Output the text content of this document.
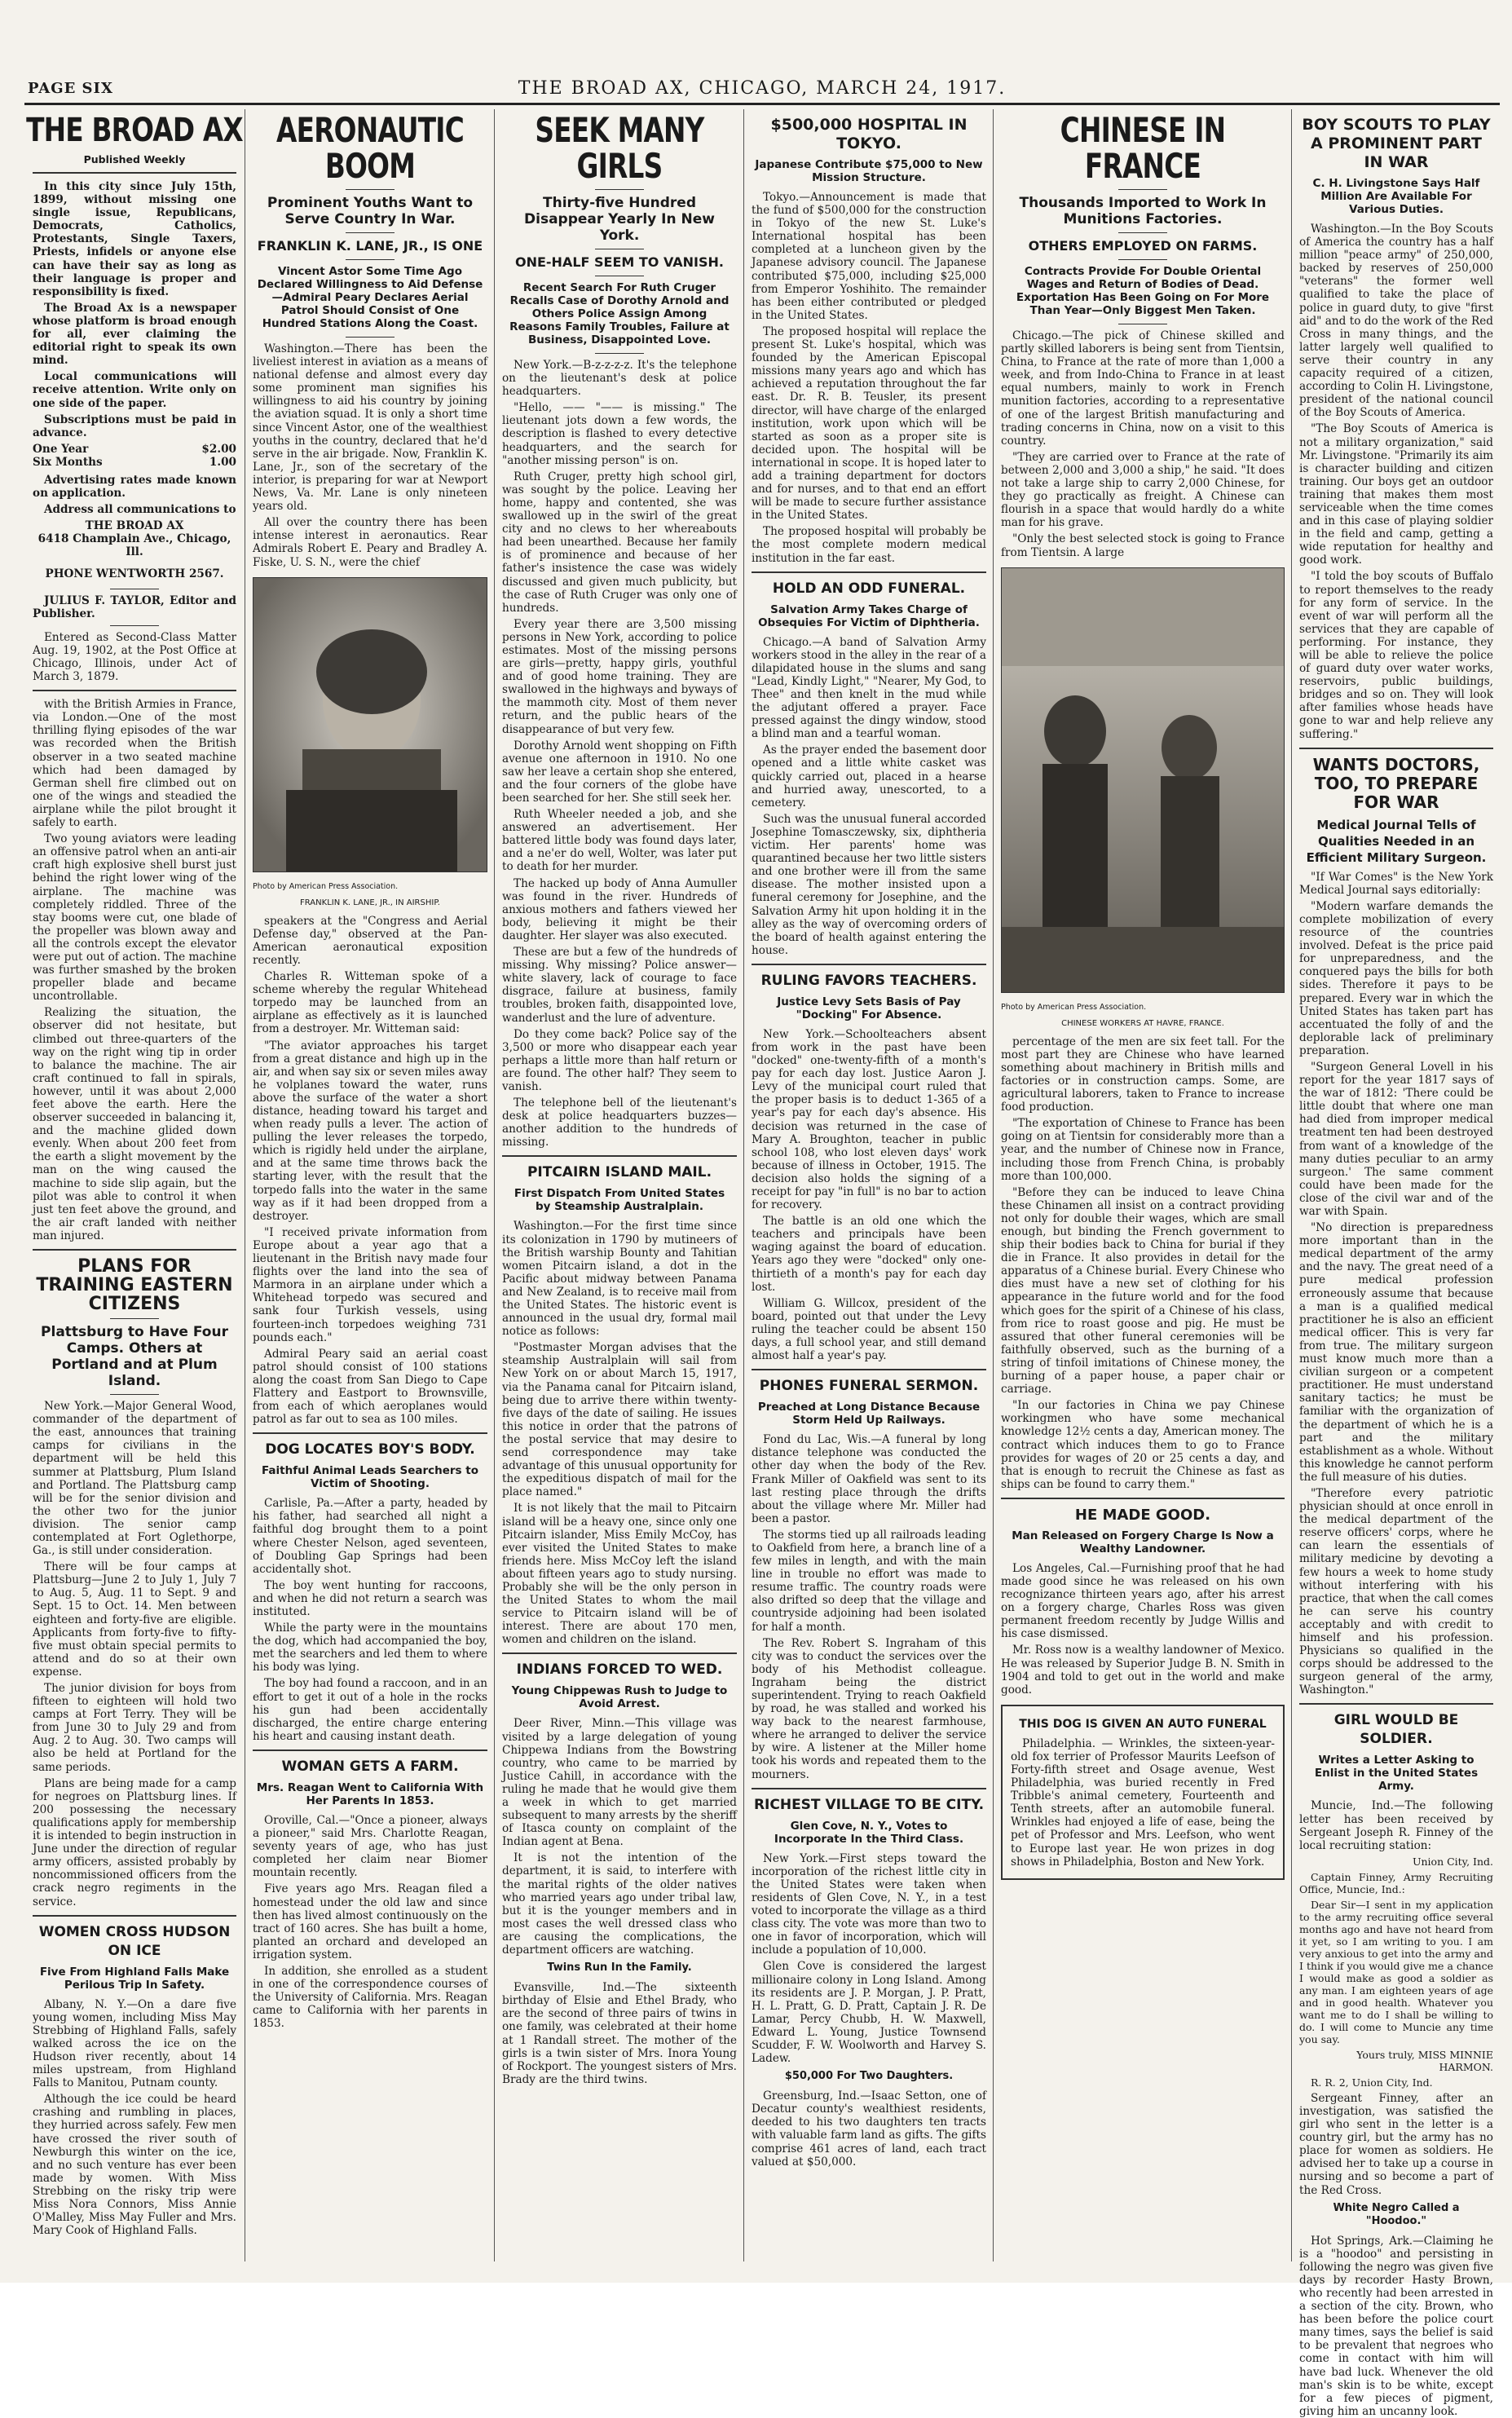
PAGE SIX	THE BROAD AX, CHICAGO, MARCH 24, 1917.
THE BROAD AX
Published Weekly

In this city since July 15th, 1899, without missing one single issue, Republicans, Democrats, Catholics, Protestants, Single Taxers, Priests, infidels or anyone else can have their say as long as their language is proper and responsibility is fixed.

The Broad Ax is a newspaper whose platform is broad enough for all, ever claiming the editorial right to speak its own mind.

Local communications will receive attention. Write only on one side of the paper.

Subscriptions must be paid in advance.

One Year	$2.00
Six Months	1.00

Advertising rates made known on application.

Address all communications to

THE BROAD AX
6418 Champlain Ave., Chicago, Ill.
PHONE WENTWORTH 2567.

JULIUS F. TAYLOR, Editor and Publisher.

Entered as Second-Class Matter Aug. 19, 1902, at the Post Office at Chicago, Illinois, under Act of March 3, 1879.

with the British Armies in France, via London.—One of the most thrilling flying episodes of the war was recorded when the British observer in a two seated machine which had been damaged by German shell fire climbed out on one of the wings and steadied the airplane while the pilot brought it safely to earth.

Two young aviators were leading an offensive patrol when an anti-air craft high explosive shell burst just behind the right lower wing of the airplane. The machine was completely riddled. Three of the stay booms were cut, one blade of the propeller was blown away and all the controls except the elevator were put out of action. The machine was further smashed by the broken propeller blade and became uncontrollable.

Realizing the situation, the observer did not hesitate, but climbed out three-quarters of the way on the right wing tip in order to balance the machine. The air craft continued to fall in spirals, however, until it was about 2,000 feet above the earth. Here the observer succeeded in balancing it, and the machine glided down evenly. When about 200 feet from the earth a slight movement by the man on the wing caused the machine to side slip again, but the pilot was able to control it when just ten feet above the ground, and the air craft landed with neither man injured.

PLANS FOR TRAINING EASTERN CITIZENS
Plattsburg to Have Four Camps. Others at Portland and at Plum Island.

New York.—Major General Wood, commander of the department of the east, announces that training camps for civilians in the department will be held this summer at Plattsburg, Plum Island and Portland. The Plattsburg camp will be for the senior division and the other two for the junior division. The senior camp contemplated at Fort Oglethorpe, Ga., is still under consideration.

There will be four camps at Plattsburg—June 2 to July 1, July 7 to Aug. 5, Aug. 11 to Sept. 9 and Sept. 15 to Oct. 14. Men between eighteen and forty-five are eligible. Applicants from forty-five to fifty-five must obtain special permits to attend and do so at their own expense.

The junior division for boys from fifteen to eighteen will hold two camps at Fort Terry. They will be from June 30 to July 29 and from Aug. 2 to Aug. 30. Two camps will also be held at Portland for the same periods.

Plans are being made for a camp for negroes on Plattsburg lines. If 200 possessing the necessary qualifications apply for membership it is intended to begin instruction in June under the direction of regular army officers, assisted probably by noncommissioned officers from the crack negro regiments in the service.

WOMEN CROSS HUDSON ON ICE
Five From Highland Falls Make Perilous Trip In Safety.

Albany, N. Y.—On a dare five young women, including Miss May Strebbing of Highland Falls, safely walked across the ice on the Hudson river recently, about 14 miles upstream, from Highland Falls to Manitou, Putnam county.

Although the ice could be heard crashing and rumbling in places, they hurried across safely. Few men have crossed the river south of Newburgh this winter on the ice, and no such venture has ever been made by women. With Miss Strebbing on the risky trip were Miss Nora Connors, Miss Annie O'Malley, Miss May Fuller and Mrs. Mary Cook of Highland Falls.

AERONAUTIC BOOM
Prominent Youths Want to Serve Country In War.
FRANKLIN K. LANE, JR., IS ONE
Vincent Astor Some Time Ago Declared Willingness to Aid Defense—Admiral Peary Declares Aerial Patrol Should Consist of One Hundred Stations Along the Coast.

Washington.—There has been the liveliest interest in aviation as a means of national defense and almost every day some prominent man signifies his willingness to aid his country by joining the aviation squad. It is only a short time since Vincent Astor, one of the wealthiest youths in the country, declared that he'd serve in the air brigade. Now, Franklin K. Lane, Jr., son of the secretary of the interior, is preparing for war at Newport News, Va. Mr. Lane is only nineteen years old.

All over the country there has been intense interest in aeronautics. Rear Admirals Robert E. Peary and Bradley A. Fiske, U. S. N., were the chief

Photo by American Press Association.
FRANKLIN K. LANE, JR., IN AIRSHIP.

speakers at the "Congress and Aerial Defense day," observed at the Pan-American aeronautical exposition recently.

Charles R. Witteman spoke of a scheme whereby the regular Whitehead torpedo may be launched from an airplane as effectively as it is launched from a destroyer. Mr. Witteman said:

"The aviator approaches his target from a great distance and high up in the air, and when say six or seven miles away he volplanes toward the water, runs above the surface of the water a short distance, heading toward his target and when ready pulls a lever. The action of pulling the lever releases the torpedo, which is rigidly held under the airplane, and at the same time throws back the starting lever, with the result that the torpedo falls into the water in the same way as if it had been dropped from a destroyer.

"I received private information from Europe about a year ago that a lieutenant in the British navy made four flights over the land into the sea of Marmora in an airplane under which a Whitehead torpedo was secured and sank four Turkish vessels, using fourteen-inch torpedoes weighing 731 pounds each."

Admiral Peary said an aerial coast patrol should consist of 100 stations along the coast from San Diego to Cape Flattery and Eastport to Brownsville, from each of which aeroplanes would patrol as far out to sea as 100 miles.

DOG LOCATES BOY'S BODY.
Faithful Animal Leads Searchers to Victim of Shooting.

Carlisle, Pa.—After a party, headed by his father, had searched all night a faithful dog brought them to a point where Chester Nelson, aged seventeen, of Doubling Gap Springs had been accidentally shot.

The boy went hunting for raccoons, and when he did not return a search was instituted.

While the party were in the mountains the dog, which had accompanied the boy, met the searchers and led them to where his body was lying.

The boy had found a raccoon, and in an effort to get it out of a hole in the rocks his gun had been accidentally discharged, the entire charge entering his heart and causing instant death.

WOMAN GETS A FARM.
Mrs. Reagan Went to California With Her Parents In 1853.

Oroville, Cal.—"Once a pioneer, always a pioneer," said Mrs. Charlotte Reagan, seventy years of age, who has just completed her claim near Biomer mountain recently.

Five years ago Mrs. Reagan filed a homestead under the old law and since then has lived almost continuously on the tract of 160 acres. She has built a home, planted an orchard and developed an irrigation system.

In addition, she enrolled as a student in one of the correspondence courses of the University of California. Mrs. Reagan came to California with her parents in 1853.

SEEK MANY GIRLS
Thirty-five Hundred Disappear Yearly In New York.
ONE-HALF SEEM TO VANISH.
Recent Search For Ruth Cruger Recalls Case of Dorothy Arnold and Others Police Assign Among Reasons Family Troubles, Failure at Business, Disappointed Love.

New York.—B-z-z-z-z. It's the telephone on the lieutenant's desk at police headquarters.

"Hello, —— "—— is missing." The lieutenant jots down a few words, the description is flashed to every detective headquarters, and the search for "another missing person" is on.

Ruth Cruger, pretty high school girl, was sought by the police. Leaving her home, happy and contented, she was swallowed up in the swirl of the great city and no clews to her whereabouts had been unearthed. Because her family is of prominence and because of her father's insistence the case was widely discussed and given much publicity, but the case of Ruth Cruger was only one of hundreds.

Every year there are 3,500 missing persons in New York, according to police estimates. Most of the missing persons are girls—pretty, happy girls, youthful and of good home training. They are swallowed in the highways and byways of the mammoth city. Most of them never return, and the public hears of the disappearance of but very few.

Dorothy Arnold went shopping on Fifth avenue one afternoon in 1910. No one saw her leave a certain shop she entered, and the four corners of the globe have been searched for her. She still seek her.

Ruth Wheeler needed a job, and she answered an advertisement. Her battered little body was found days later, and a ne'er do well, Wolter, was later put to death for her murder.

The hacked up body of Anna Aumuller was found in the river. Hundreds of anxious mothers and fathers viewed her body, believing it might be their daughter. Her slayer was also executed.

These are but a few of the hundreds of missing. Why missing? Police answer—white slavery, lack of courage to face disgrace, failure at business, family troubles, broken faith, disappointed love, wanderlust and the lure of adventure.

Do they come back? Police say of the 3,500 or more who disappear each year perhaps a little more than half return or are found. The other half? They seem to vanish.

The telephone bell of the lieutenant's desk at police headquarters buzzes—another addition to the hundreds of missing.

PITCAIRN ISLAND MAIL.
First Dispatch From United States by Steamship Australplain.

Washington.—For the first time since its colonization in 1790 by mutineers of the British warship Bounty and Tahitian women Pitcairn island, a dot in the Pacific about midway between Panama and New Zealand, is to receive mail from the United States. The historic event is announced in the usual dry, formal mail notice as follows:

"Postmaster Morgan advises that the steamship Australplain will sail from New York on or about March 15, 1917, via the Panama canal for Pitcairn island, being due to arrive there within twenty-five days of the date of sailing. He issues this notice in order that the patrons of the postal service that may desire to send correspondence may take advantage of this unusual opportunity for the expeditious dispatch of mail for the place named."

It is not likely that the mail to Pitcairn island will be a heavy one, since only one Pitcairn islander, Miss Emily McCoy, has ever visited the United States to make friends here. Miss McCoy left the island about fifteen years ago to study nursing. Probably she will be the only person in the United States to whom the mail service to Pitcairn island will be of interest. There are about 170 men, women and children on the island.

INDIANS FORCED TO WED.
Young Chippewas Rush to Judge to Avoid Arrest.

Deer River, Minn.—This village was visited by a large delegation of young Chippewa Indians from the Bowstring country, who came to be married by Justice Cahill, in accordance with the ruling he made that he would give them a week in which to get married subsequent to many arrests by the sheriff of Itasca county on complaint of the Indian agent at Bena.

It is not the intention of the department, it is said, to interfere with the marital rights of the older natives who married years ago under tribal law, but it is the younger members and in most cases the well dressed class who are causing the complications, the department officers are watching.

Twins Run In the Family.

Evansville, Ind.—The sixteenth birthday of Elsie and Ethel Brady, who are the second of three pairs of twins in one family, was celebrated at their home at 1 Randall street. The mother of the girls is a twin sister of Mrs. Inora Young of Rockport. The youngest sisters of Mrs. Brady are the third twins.

$500,000 HOSPITAL IN TOKYO.
Japanese Contribute $75,000 to New Mission Structure.

Tokyo.—Announcement is made that the fund of $500,000 for the construction in Tokyo of the new St. Luke's International hospital has been completed at a luncheon given by the Japanese advisory council. The Japanese contributed $75,000, including $25,000 from Emperor Yoshihito. The remainder has been either contributed or pledged in the United States.

The proposed hospital will replace the present St. Luke's hospital, which was founded by the American Episcopal missions many years ago and which has achieved a reputation throughout the far east. Dr. R. B. Teusler, its present director, will have charge of the enlarged institution, work upon which will be started as soon as a proper site is decided upon. The hospital will be international in scope. It is hoped later to add a training department for doctors and for nurses, and to that end an effort will be made to secure further assistance in the United States.

The proposed hospital will probably be the most complete modern medical institution in the far east.

HOLD AN ODD FUNERAL.
Salvation Army Takes Charge of Obsequies For Victim of Diphtheria.

Chicago.—A band of Salvation Army workers stood in the alley in the rear of a dilapidated house in the slums and sang "Lead, Kindly Light," "Nearer, My God, to Thee" and then knelt in the mud while the adjutant offered a prayer. Face pressed against the dingy window, stood a blind man and a tearful woman.

As the prayer ended the basement door opened and a little white casket was quickly carried out, placed in a hearse and hurried away, unescorted, to a cemetery.

Such was the unusual funeral accorded Josephine Tomasczewsky, six, diphtheria victim. Her parents' home was quarantined because her two little sisters and one brother were ill from the same disease. The mother insisted upon a funeral ceremony for Josephine, and the Salvation Army hit upon holding it in the alley as the way of overcoming orders of the board of health against entering the house.

RULING FAVORS TEACHERS.
Justice Levy Sets Basis of Pay "Docking" For Absence.

New York.—Schoolteachers absent from work in the past have been "docked" one-twenty-fifth of a month's pay for each day lost. Justice Aaron J. Levy of the municipal court ruled that the proper basis is to deduct 1-365 of a year's pay for each day's absence. His decision was returned in the case of Mary A. Broughton, teacher in public school 108, who lost eleven days' work because of illness in October, 1915. The decision also holds the signing of a receipt for pay "in full" is no bar to action for recovery.

The battle is an old one which the teachers and principals have been waging against the board of education. Years ago they were "docked" only one-thirtieth of a month's pay for each day lost.

William G. Willcox, president of the board, pointed out that under the Levy ruling the teacher could be absent 150 days, a full school year, and still demand almost half a year's pay.

PHONES FUNERAL SERMON.
Preached at Long Distance Because Storm Held Up Railways.

Fond du Lac, Wis.—A funeral by long distance telephone was conducted the other day when the body of the Rev. Frank Miller of Oakfield was sent to its last resting place through the drifts about the village where Mr. Miller had been a pastor.

The storms tied up all railroads leading to Oakfield from here, a branch line of a few miles in length, and with the main line in trouble no effort was made to resume traffic. The country roads were also drifted so deep that the village and countryside adjoining had been isolated for half a month.

The Rev. Robert S. Ingraham of this city was to conduct the services over the body of his Methodist colleague. Ingraham being the district superintendent. Trying to reach Oakfield by road, he was stalled and worked his way back to the nearest farmhouse, where he arranged to deliver the service by wire. A listener at the Miller home took his words and repeated them to the mourners.

RICHEST VILLAGE TO BE CITY.
Glen Cove, N. Y., Votes to Incorporate In the Third Class.

New York.—First steps toward the incorporation of the richest little city in the United States were taken when residents of Glen Cove, N. Y., in a test voted to incorporate the village as a third class city. The vote was more than two to one in favor of incorporation, which will include a population of 10,000.

Glen Cove is considered the largest millionaire colony in Long Island. Among its residents are J. P. Morgan, J. P. Pratt, H. L. Pratt, G. D. Pratt, Captain J. R. De Lamar, Percy Chubb, H. W. Maxwell, Edward L. Young, Justice Townsend Scudder, F. W. Woolworth and Harvey S. Ladew.

$50,000 For Two Daughters.

Greensburg, Ind.—Isaac Setton, one of Decatur county's wealthiest residents, deeded to his two daughters ten tracts with valuable farm land as gifts. The gifts comprise 461 acres of land, each tract valued at $50,000.

CHINESE IN FRANCE
Thousands Imported to Work In Munitions Factories.
OTHERS EMPLOYED ON FARMS.
Contracts Provide For Double Oriental Wages and Return of Bodies of Dead. Exportation Has Been Going on For More Than Year—Only Biggest Men Taken.

Chicago.—The pick of Chinese skilled and partly skilled laborers is being sent from Tientsin, China, to France at the rate of more than 1,000 a week, and from Indo-China to France in at least equal numbers, mainly to work in French munition factories, according to a representative of one of the largest British manufacturing and trading concerns in China, now on a visit to this country.

"They are carried over to France at the rate of between 2,000 and 3,000 a ship," he said. "It does not take a large ship to carry 2,000 Chinese, for they go practically as freight. A Chinese can flourish in a space that would hardly do a white man for his grave.

"Only the best selected stock is going to France from Tientsin. A large

Photo by American Press Association.
CHINESE WORKERS AT HAVRE, FRANCE.

percentage of the men are six feet tall. For the most part they are Chinese who have learned something about machinery in British mills and factories or in construction camps. Some, are agricultural laborers, taken to France to increase food production.

"The exportation of Chinese to France has been going on at Tientsin for considerably more than a year, and the number of Chinese now in France, including those from French China, is probably more than 100,000.

"Before they can be induced to leave China these Chinamen all insist on a contract providing not only for double their wages, which are small enough, but binding the French government to ship their bodies back to China for burial if they die in France. It also provides in detail for the apparatus of a Chinese burial. Every Chinese who dies must have a new set of clothing for his appearance in the future world and for the food which goes for the spirit of a Chinese of his class, from rice to roast goose and pig. He must be assured that other funeral ceremonies will be faithfully observed, such as the burning of a string of tinfoil imitations of Chinese money, the burning of a paper house, a paper chair or carriage.

"In our factories in China we pay Chinese workingmen who have some mechanical knowledge 12½ cents a day, American money. The contract which induces them to go to France provides for wages of 20 or 25 cents a day, and that is enough to recruit the Chinese as fast as ships can be found to carry them."

HE MADE GOOD.
Man Released on Forgery Charge Is Now a Wealthy Landowner.

Los Angeles, Cal.—Furnishing proof that he had made good since he was released on his own recognizance thirteen years ago, after his arrest on a forgery charge, Charles Ross was given permanent freedom recently by Judge Willis and his case dismissed.

Mr. Ross now is a wealthy landowner of Mexico. He was released by Superior Judge B. N. Smith in 1904 and told to get out in the world and make good.

THIS DOG IS GIVEN AN AUTO FUNERAL

Philadelphia. — Wrinkles, the sixteen-year-old fox terrier of Professor Maurits Leefson of Forty-fifth street and Osage avenue, West Philadelphia, was buried recently in Fred Tribble's animal cemetery, Fourteenth and Tenth streets, after an automobile funeral. Wrinkles had enjoyed a life of ease, being the pet of Professor and Mrs. Leefson, who went to Europe last year. He won prizes in dog shows in Philadelphia, Boston and New York.

BOY SCOUTS TO PLAY A PROMINENT PART IN WAR
C. H. Livingstone Says Half Million Are Available For Various Duties.

Washington.—In the Boy Scouts of America the country has a half million "peace army" of 250,000, backed by reserves of 250,000 "veterans" the former well qualified to take the place of police in guard duty, to give "first aid" and to do the work of the Red Cross in many things, and the latter largely well qualified to serve their country in any capacity required of a citizen, according to Colin H. Livingstone, president of the national council of the Boy Scouts of America.

"The Boy Scouts of America is not a military organization," said Mr. Livingstone. "Primarily its aim is character building and citizen training. Our boys get an outdoor training that makes them most serviceable when the time comes and in this case of playing soldier in the field and camp, getting a wide reputation for healthy and good work.

"I told the boy scouts of Buffalo to report themselves to the ready for any form of service. In the event of war will perform all the services that they are capable of performing. For instance, they will be able to relieve the police of guard duty over water works, reservoirs, public buildings, bridges and so on. They will look after families whose heads have gone to war and help relieve any suffering."

WANTS DOCTORS, TOO, TO PREPARE FOR WAR
Medical Journal Tells of Qualities Needed in an Efficient Military Surgeon.

"If War Comes" is the New York Medical Journal says editorially:

"Modern warfare demands the complete mobilization of every resource of the countries involved. Defeat is the price paid for unpreparedness, and the conquered pays the bills for both sides. Therefore it pays to be prepared. Every war in which the United States has taken part has accentuated the folly of and the deplorable lack of preliminary preparation.

"Surgeon General Lovell in his report for the year 1817 says of the war of 1812: 'There could be little doubt that where one man had died from improper medical treatment ten had been destroyed from want of a knowledge of the many duties peculiar to an army surgeon.' The same comment could have been made for the close of the civil war and of the war with Spain.

"No direction is preparedness more important than in the medical department of the army and the navy. The great need of a pure medical profession erroneously assume that because a man is a qualified medical practitioner he is also an efficient medical officer. This is very far from true. The military surgeon must know much more than a civilian surgeon or a competent practitioner. He must understand sanitary tactics; he must be familiar with the organization of the department of which he is a part and the military establishment as a whole. Without this knowledge he cannot perform the full measure of his duties.

"Therefore every patriotic physician should at once enroll in the medical department of the reserve officers' corps, where he can learn the essentials of military medicine by devoting a few hours a week to home study without interfering with his practice, that when the call comes he can serve his country acceptably and with credit to himself and his profession. Physicians so qualified in the corps should be addressed to the surgeon general of the army, Washington."

GIRL WOULD BE SOLDIER.
Writes a Letter Asking to Enlist in the United States Army.

Muncie, Ind.—The following letter has been received by Sergeant Joseph R. Finney of the local recruiting station:

Union City, Ind.

Captain Finney, Army Recruiting Office, Muncie, Ind.:

Dear Sir—I sent in my application to the army recruiting office several months ago and have not heard from it yet, so I am writing to you. I am very anxious to get into the army and I think if you would give me a chance I would make as good a soldier as any man. I am eighteen years of age and in good health. Whatever you want me to do I shall be willing to do. I will come to Muncie any time you say.

Yours truly, MISS MINNIE HARMON.

R. R. 2, Union City, Ind.

Sergeant Finney, after an investigation, was satisfied the girl who sent in the letter is a country girl, but the army has no place for women as soldiers. He advised her to take up a course in nursing and so become a part of the Red Cross.

White Negro Called a "Hoodoo."

Hot Springs, Ark.—Claiming he is a "hoodoo" and persisting in following the negro was given five days by recorder Hasty Brown, who recently had been arrested in a section of the city. Brown, who has been before the police court many times, says the belief is said to be prevalent that negroes who come in contact with him will have bad luck. Whenever the old man's skin is to be white, except for a few pieces of pigment, giving him an uncanny look.
